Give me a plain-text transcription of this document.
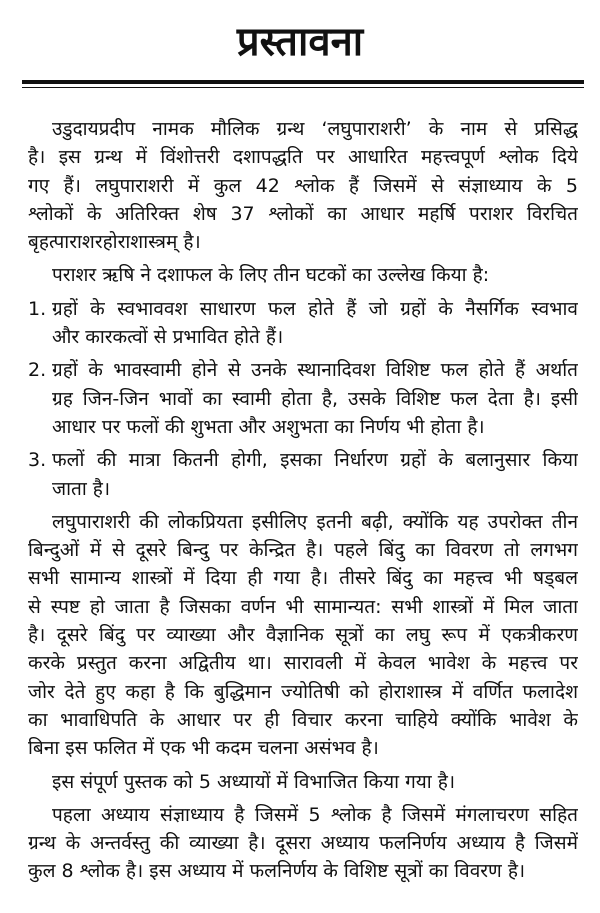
प्रस्तावना
उडुदायप्रदीप नामक मौलिक ग्रन्थ ‘लघुपाराशरी’ के नाम से प्रसिद्ध
है। इस ग्रन्थ में विंशोत्तरी दशापद्धति पर आधारित महत्त्वपूर्ण श्लोक दिये
गए हैं। लघुपाराशरी में कुल 42 श्लोक हैं जिसमें से संज्ञाध्याय के 5
श्लोकों के अतिरिक्त शेष 37 श्लोकों का आधार महर्षि पराशर विरचित
बृहत्पाराशरहोराशास्त्रम् है।
पराशर ऋषि ने दशाफल के लिए तीन घटकों का उल्लेख किया है:
1. ग्रहों के स्वभाववश साधारण फल होते हैं जो ग्रहों के नैसर्गिक स्वभाव
और कारकत्वों से प्रभावित होते हैं।
2. ग्रहों के भावस्वामी होने से उनके स्थानादिवश विशिष्ट फल होते हैं अर्थात
ग्रह जिन-जिन भावों का स्वामी होता है, उसके विशिष्ट फल देता है। इसी
आधार पर फलों की शुभता और अशुभता का निर्णय भी होता है।
3. फलों की मात्रा कितनी होगी, इसका निर्धारण ग्रहों के बलानुसार किया
जाता है।
लघुपाराशरी की लोकप्रियता इसीलिए इतनी बढ़ी, क्योंकि यह उपरोक्त तीन
बिन्दुओं में से दूसरे बिन्दु पर केन्द्रित है। पहले बिंदु का विवरण तो लगभग
सभी सामान्य शास्त्रों में दिया ही गया है। तीसरे बिंदु का महत्त्व भी षड्बल
से स्पष्ट हो जाता है जिसका वर्णन भी सामान्यत: सभी शास्त्रों में मिल जाता
है। दूसरे बिंदु पर व्याख्या और वैज्ञानिक सूत्रों का लघु रूप में एकत्रीकरण
करके प्रस्तुत करना अद्वितीय था। सारावली में केवल भावेश के महत्त्व पर
जोर देते हुए कहा है कि बुद्धिमान ज्योतिषी को होराशास्त्र में वर्णित फलादेश
का भावाधिपति के आधार पर ही विचार करना चाहिये क्योंकि भावेश के
बिना इस फलित में एक भी कदम चलना असंभव है।
इस संपूर्ण पुस्तक को 5 अध्यायों में विभाजित किया गया है।
पहला अध्याय संज्ञाध्याय है जिसमें 5 श्लोक है जिसमें मंगलाचरण सहित
ग्रन्थ के अन्तर्वस्तु की व्याख्या है। दूसरा अध्याय फलनिर्णय अध्याय है जिसमें
कुल 8 श्लोक है। इस अध्याय में फलनिर्णय के विशिष्ट सूत्रों का विवरण है।
